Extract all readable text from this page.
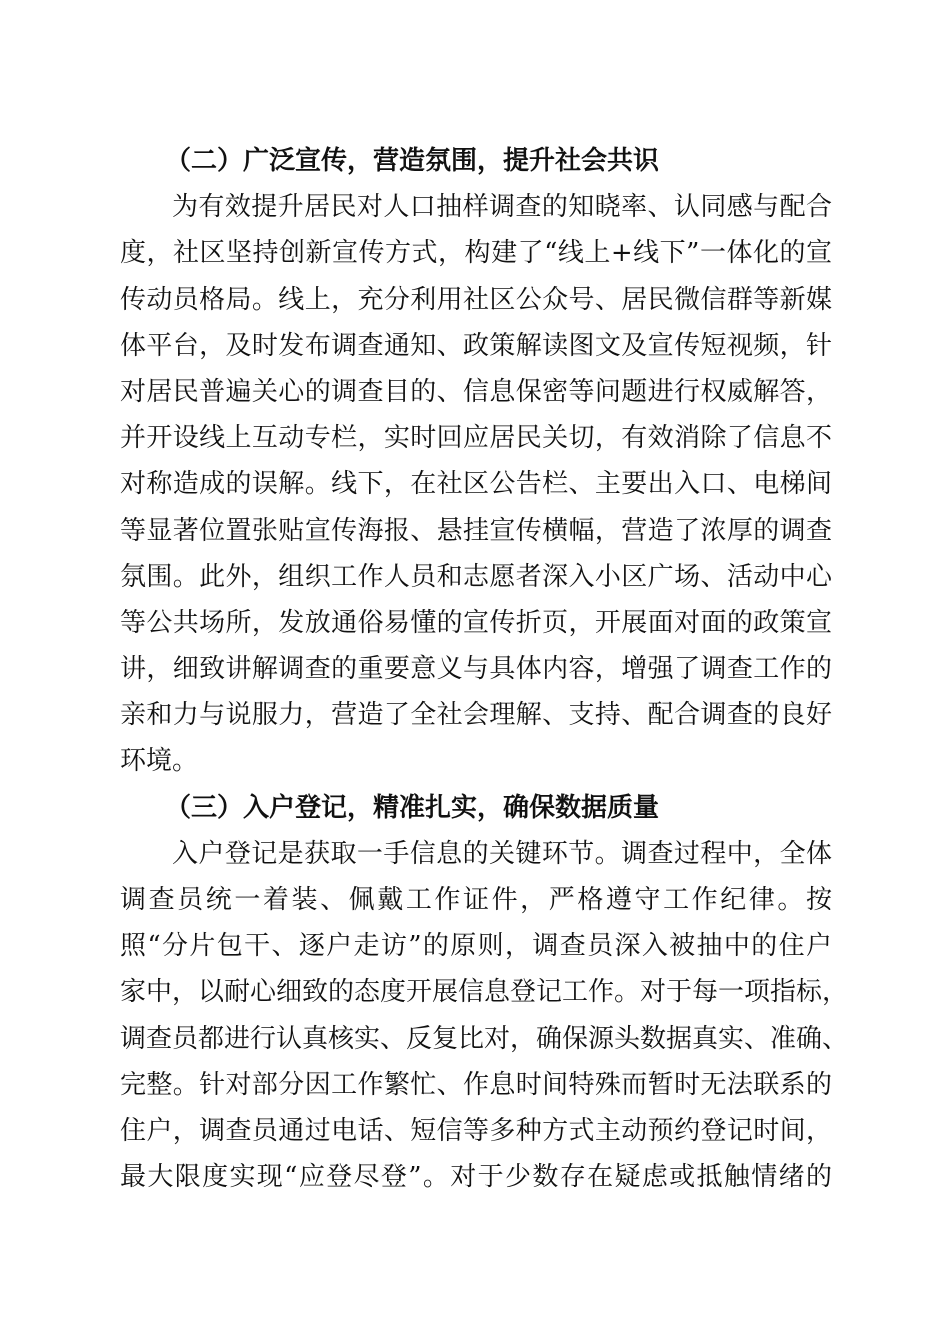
（二）广泛宣传，营造氛围，提升社会共识
为有效提升居民对人口抽样调查的知晓率、认同感与配合
度，社区坚持创新宣传方式，构建了“线上+线下”一体化的宣
传动员格局。线上，充分利用社区公众号、居民微信群等新媒
体平台，及时发布调查通知、政策解读图文及宣传短视频，针
对居民普遍关心的调查目的、信息保密等问题进行权威解答，
并开设线上互动专栏，实时回应居民关切，有效消除了信息不
对称造成的误解。线下，在社区公告栏、主要出入口、电梯间
等显著位置张贴宣传海报、悬挂宣传横幅，营造了浓厚的调查
氛围。此外，组织工作人员和志愿者深入小区广场、活动中心
等公共场所，发放通俗易懂的宣传折页，开展面对面的政策宣
讲，细致讲解调查的重要意义与具体内容，增强了调查工作的
亲和力与说服力，营造了全社会理解、支持、配合调查的良好
环境。
（三）入户登记，精准扎实，确保数据质量
入户登记是获取一手信息的关键环节。调查过程中，全体
调查员统一着装、佩戴工作证件，严格遵守工作纪律。按
照“分片包干、逐户走访”的原则，调查员深入被抽中的住户
家中，以耐心细致的态度开展信息登记工作。对于每一项指标，
调查员都进行认真核实、反复比对，确保源头数据真实、准确、
完整。针对部分因工作繁忙、作息时间特殊而暂时无法联系的
住户，调查员通过电话、短信等多种方式主动预约登记时间，
最大限度实现“应登尽登”。对于少数存在疑虑或抵触情绪的
